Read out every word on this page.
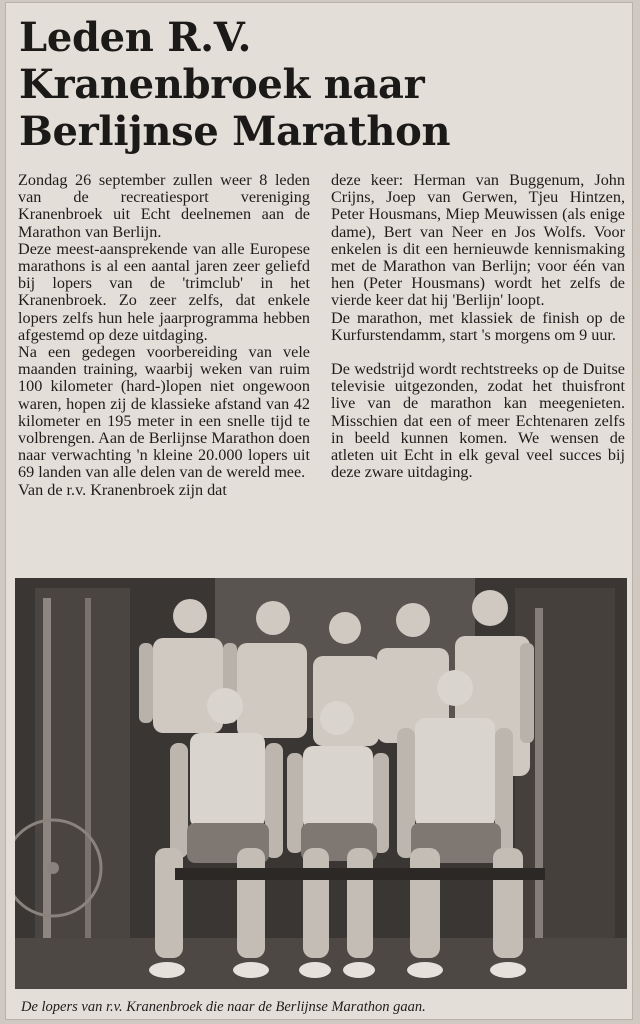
Leden R.V.
Kranenbroek naar
Berlijnse Marathon

Zondag 26 september zullen weer 8 leden van de recreatiesport vereniging Kranenbroek uit Echt deelnemen aan de Marathon van Berlijn.

Deze meest-aansprekende van alle Europese marathons is al een aantal jaren zeer geliefd bij lopers van de 'trimclub' in het Kranenbroek. Zo zeer zelfs, dat enkele lopers zelfs hun hele jaarprogramma hebben afgestemd op deze uitdaging.

Na een gedegen voorbereiding van vele maanden training, waarbij weken van ruim 100 kilometer (hard-)lopen niet ongewoon waren, hopen zij de klassieke afstand van 42 kilometer en 195 meter in een snelle tijd te volbrengen. Aan de Berlijnse Marathon doen naar verwachting 'n kleine 20.000 lopers uit 69 landen van alle delen van de wereld mee.

Van de r.v. Kranenbroek zijn dat

deze keer: Herman van Buggenum, John Crijns, Joep van Gerwen, Tjeu Hintzen, Peter Housmans, Miep Meuwissen (als enige dame), Bert van Neer en Jos Wolfs. Voor enkelen is dit een hernieuwde kennismaking met de Marathon van Berlijn; voor één van hen (Peter Housmans) wordt het zelfs de vierde keer dat hij 'Berlijn' loopt.

De marathon, met klassiek de finish op de Kurfurstendamm, start 's morgens om 9 uur.

De wedstrijd wordt rechtstreeks op de Duitse televisie uitgezonden, zodat het thuisfront live van de marathon kan meegenieten. Misschien dat een of meer Echtenaren zelfs in beeld kunnen komen. We wensen de atleten uit Echt in elk geval veel succes bij deze zware uitdaging.

De lopers van r.v. Kranenbroek die naar de Berlijnse Marathon gaan.
